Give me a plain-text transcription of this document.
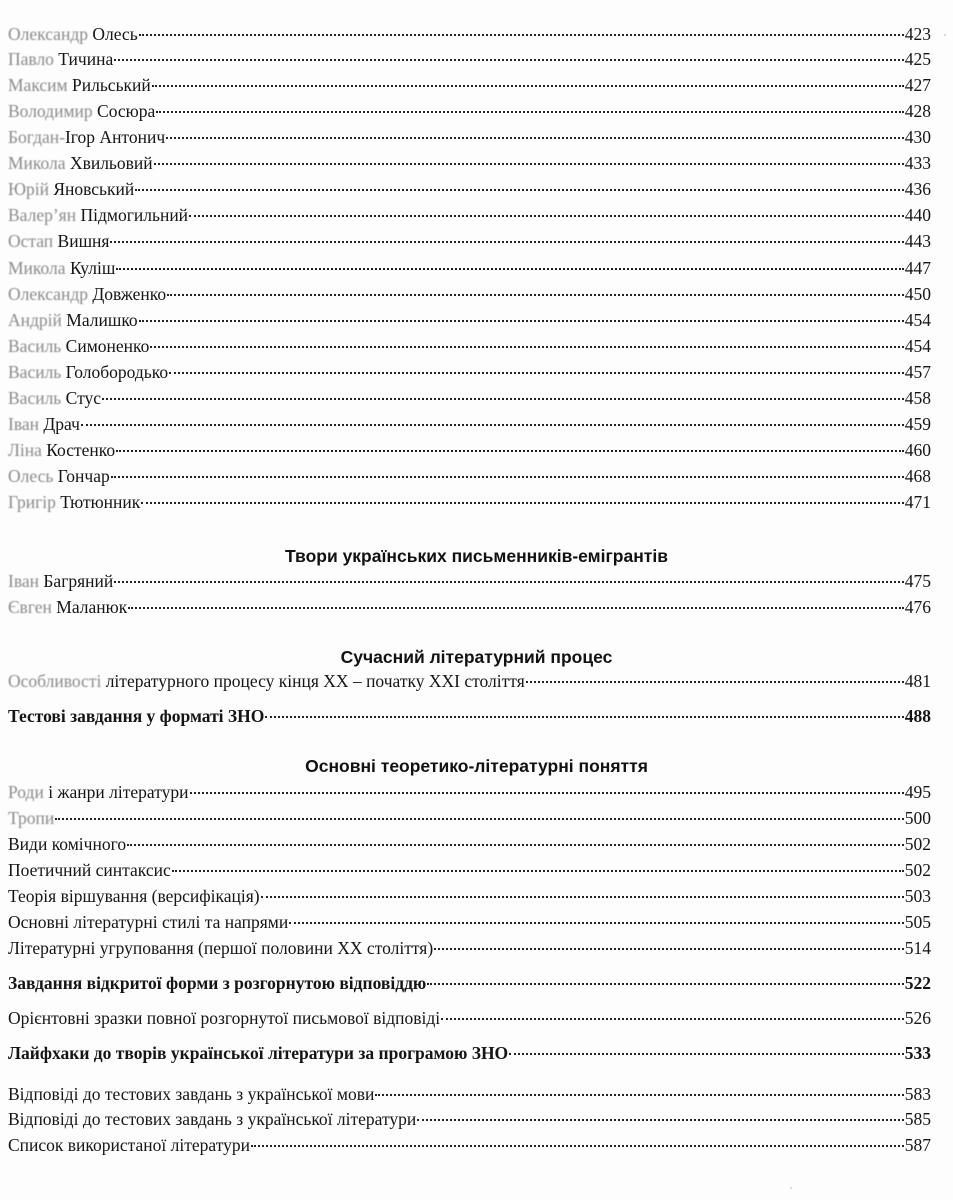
Олександр Олесь	423
Павло Тичина	425
Максим Рильський	427
Володимир Сосюра	428
Богдан-Ігор Антонич	430
Микола Хвильовий	433
Юрій Яновський	436
Валер’ян Підмогильний	440
Остап Вишня	443
Микола Куліш	447
Олександр Довженко	450
Андрій Малишко	454
Василь Симоненко	454
Василь Голобородько	457
Василь Стус	458
Іван Драч	459
Ліна Костенко	460
Олесь Гончар	468
Григір Тютюнник	471
Твори українських письменників-емігрантів
Іван Багряний	475
Євген Маланюк	476
Сучасний літературний процес
Особливості літературного процесу кінця XX – початку XXI століття	481
Тестові завдання у форматі ЗНО	488
Основні теоретико-літературні поняття
Роди і жанри літератури	495
Тропи	500
Види комічного	502
Поетичний синтаксис	502
Теорія віршування (версифікація)	503
Основні літературні стилі та напрями	505
Літературні угруповання (першої половини XX століття)	514
Завдання відкритої форми з розгорнутою відповіддю	522
Орієнтовні зразки повної розгорнутої письмової відповіді	526
Лайфхаки до творів української літератури за програмою ЗНО	533
Відповіді до тестових завдань з української мови	583
Відповіді до тестових завдань з української літератури	585
Список використаної літератури	587
